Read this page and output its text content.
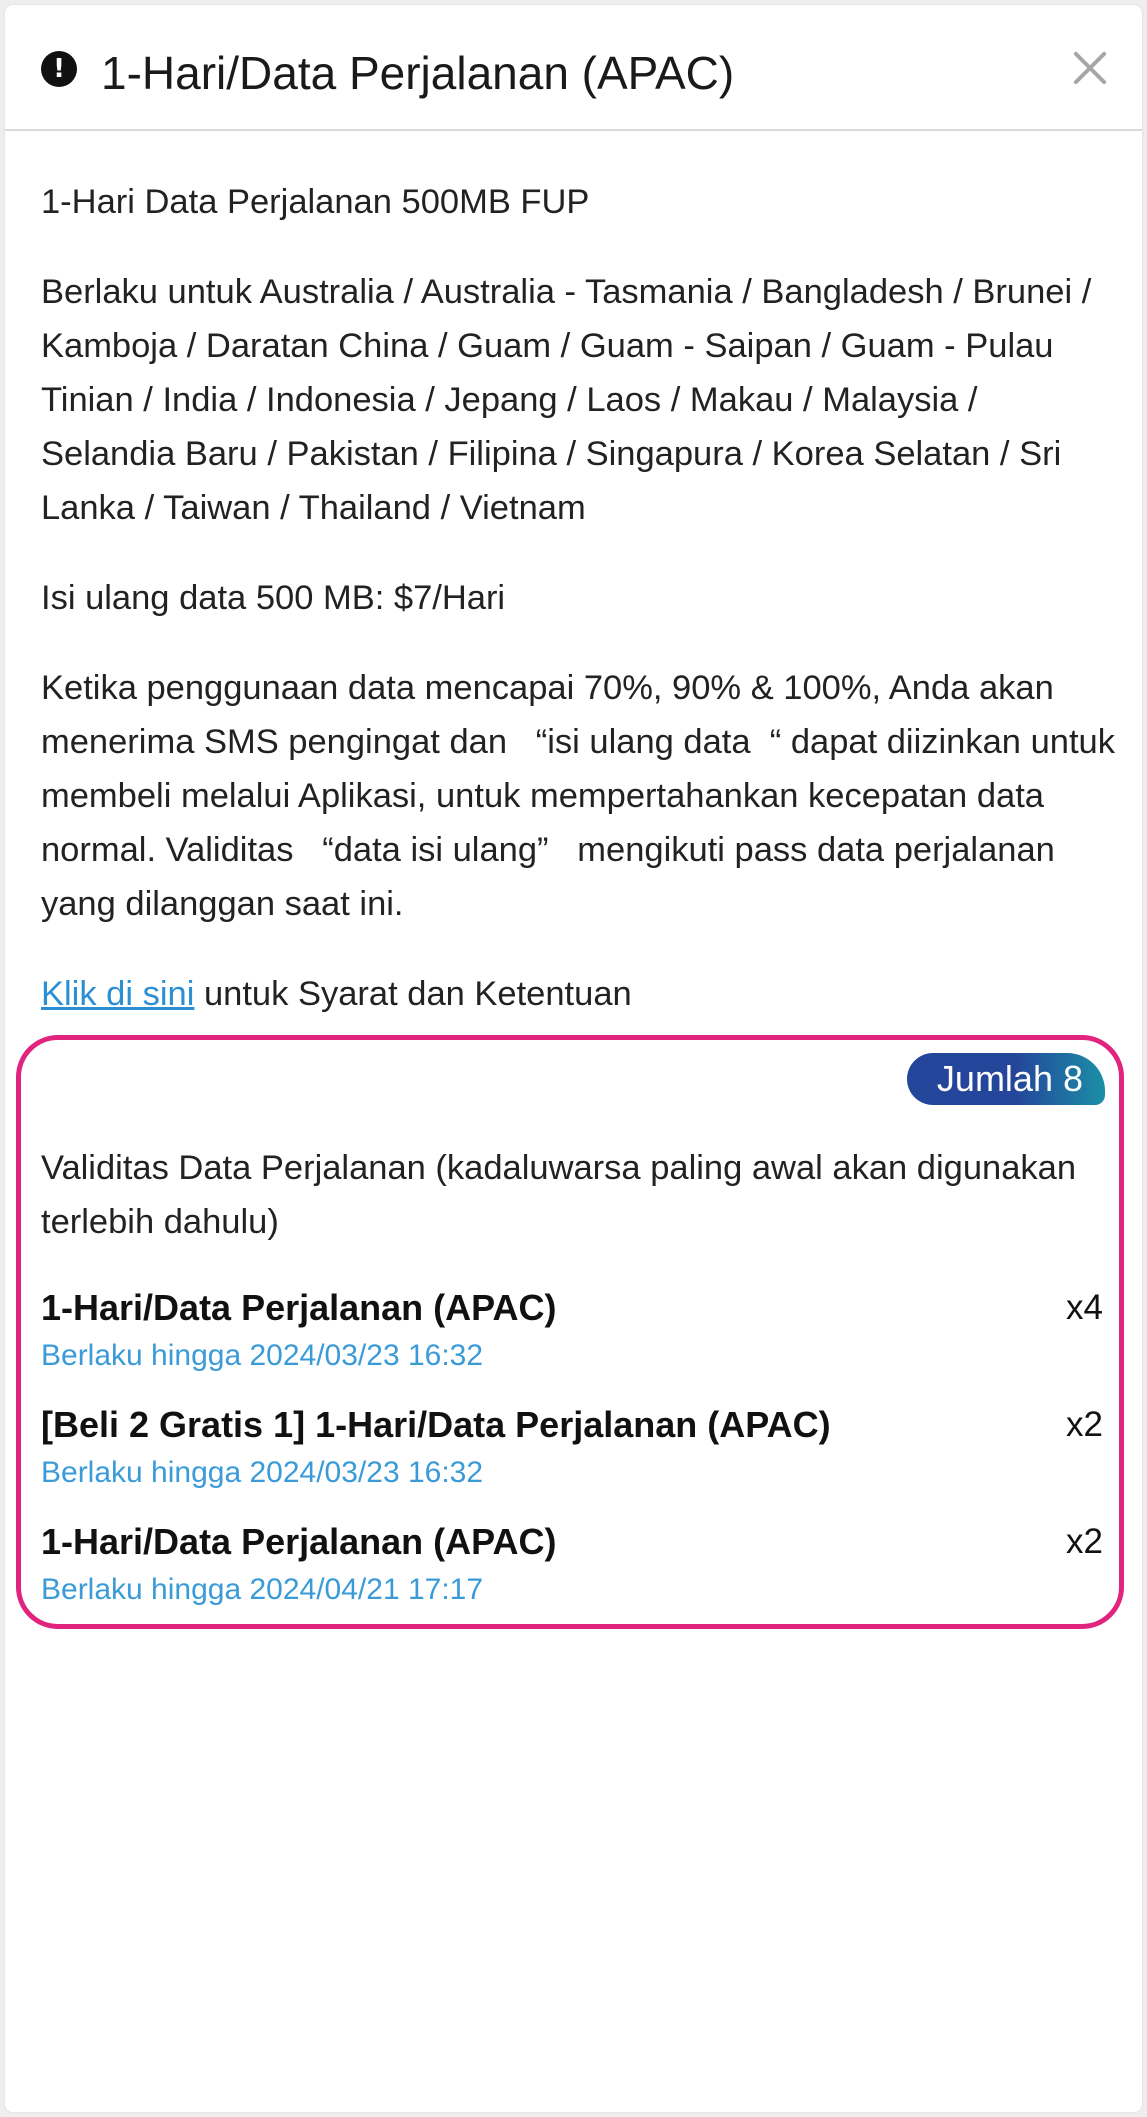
! 1-Hari/Data Perjalanan (APAC)

1-Hari Data Perjalanan 500MB FUP

Berlaku untuk Australia / Australia - Tasmania / Bangladesh / Brunei / Kamboja / Daratan China / Guam / Guam - Saipan / Guam - Pulau Tinian / India / Indonesia / Jepang / Laos / Makau / Malaysia / Selandia Baru / Pakistan / Filipina / Singapura / Korea Selatan / Sri Lanka / Taiwan / Thailand / Vietnam

Isi ulang data 500 MB: $7/Hari

Ketika penggunaan data mencapai 70%, 90% & 100%, Anda akan menerima SMS pengingat dan   “isi ulang data  “ dapat diizinkan untuk membeli melalui Aplikasi, untuk mempertahankan kecepatan data normal. Validitas   “data isi ulang”   mengikuti pass data perjalanan yang dilanggan saat ini.

Klik di sini untuk Syarat dan Ketentuan

Jumlah 8
Validitas Data Perjalanan (kadaluwarsa paling awal akan digunakan terlebih dahulu)
1-Hari/Data Perjalanan (APAC)	x4
Berlaku hingga 2024/03/23 16:32
[Beli 2 Gratis 1] 1-Hari/Data Perjalanan (APAC)	x2
Berlaku hingga 2024/03/23 16:32
1-Hari/Data Perjalanan (APAC)	x2
Berlaku hingga 2024/04/21 17:17
